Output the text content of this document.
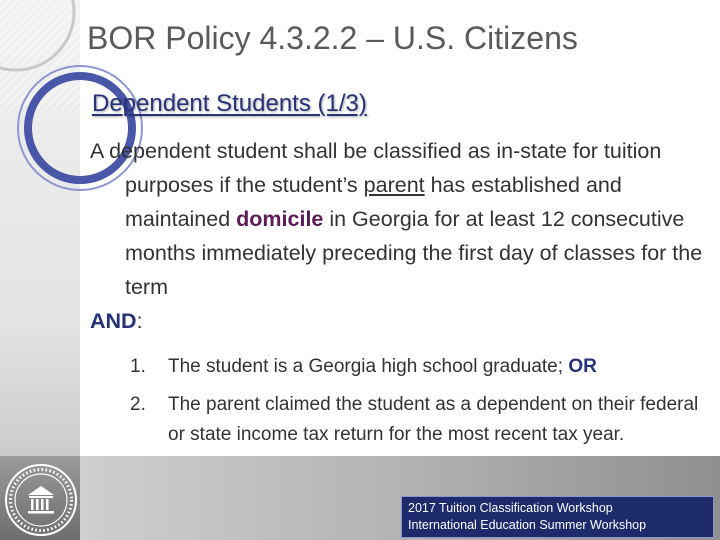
BOR Policy 4.3.2.2 – U.S. Citizens
Dependent Students (1/3)

A dependent student shall be classified as in-state for tuition purposes if the student’s parent has established and maintained domicile in Georgia for at least 12 consecutive months immediately preceding the first day of classes for the term

AND:

1. The student is a Georgia high school graduate; OR
2. The parent claimed the student as a dependent on their federal or state income tax return for the most recent tax year.
2017 Tuition Classification Workshop
International Education Summer Workshop
